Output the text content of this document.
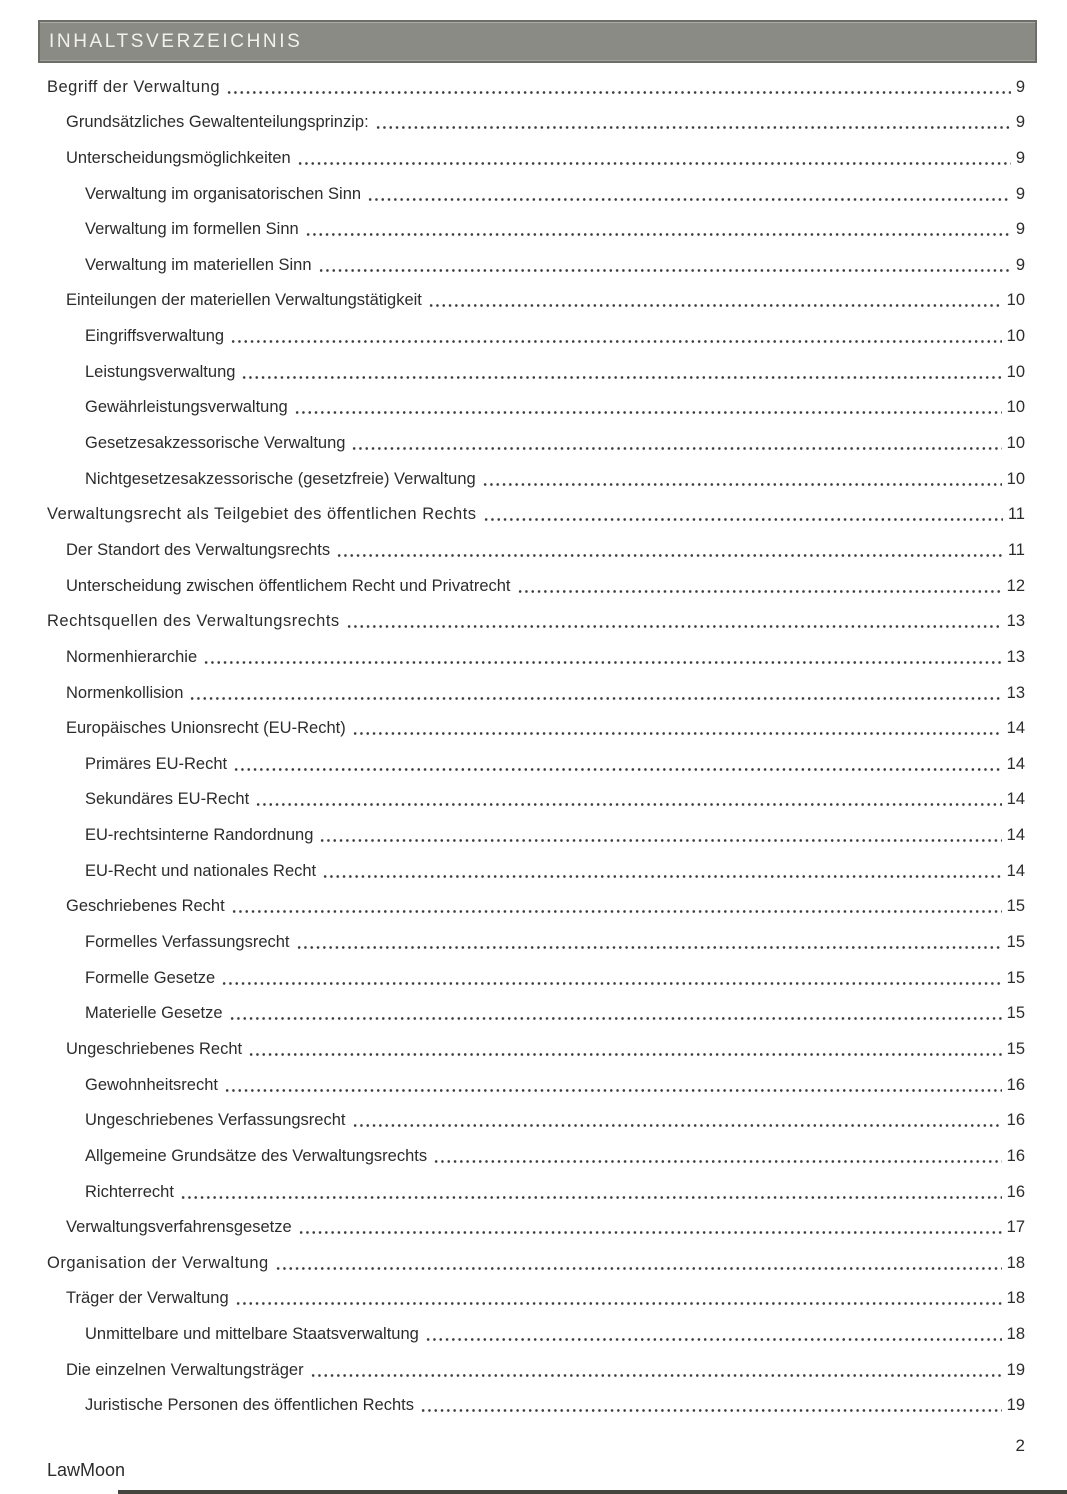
INHALTSVERZEICHNIS
Begriff der Verwaltung	9
Grundsätzliches Gewaltenteilungsprinzip:	9
Unterscheidungsmöglichkeiten	9
Verwaltung im organisatorischen Sinn	9
Verwaltung im formellen Sinn	9
Verwaltung im materiellen Sinn	9
Einteilungen der materiellen Verwaltungstätigkeit	10
Eingriffsverwaltung	10
Leistungsverwaltung	10
Gewährleistungsverwaltung	10
Gesetzesakzessorische Verwaltung	10
Nichtgesetzesakzessorische (gesetzfreie) Verwaltung	10
Verwaltungsrecht als Teilgebiet des öffentlichen Rechts	11
Der Standort des Verwaltungsrechts	11
Unterscheidung zwischen öffentlichem Recht und Privatrecht	12
Rechtsquellen des Verwaltungsrechts	13
Normenhierarchie	13
Normenkollision	13
Europäisches Unionsrecht (EU-Recht)	14
Primäres EU-Recht	14
Sekundäres EU-Recht	14
EU-rechtsinterne Randordnung	14
EU-Recht und nationales Recht	14
Geschriebenes Recht	15
Formelles Verfassungsrecht	15
Formelle Gesetze	15
Materielle Gesetze	15
Ungeschriebenes Recht	15
Gewohnheitsrecht	16
Ungeschriebenes Verfassungsrecht	16
Allgemeine Grundsätze des Verwaltungsrechts	16
Richterrecht	16
Verwaltungsverfahrensgesetze	17
Organisation der Verwaltung	18
Träger der Verwaltung	18
Unmittelbare und mittelbare Staatsverwaltung	18
Die einzelnen Verwaltungsträger	19
Juristische Personen des öffentlichen Rechts	19
2
LawMoon
